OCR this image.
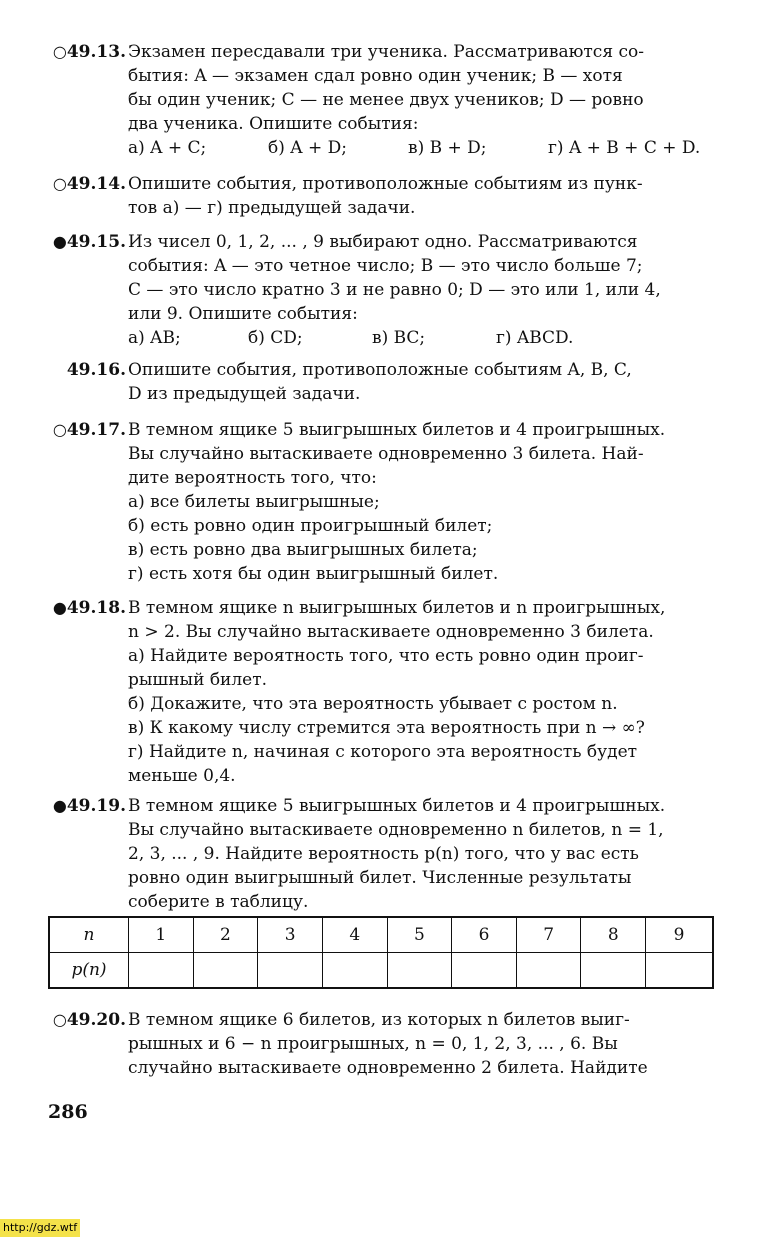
○49.13. Экзамен пересдавали три ученика. Рассматриваются со-
бытия: A — экзамен сдал ровно один ученик; B — хотя
бы один ученик; C — не менее двух учеников; D — ровно
два ученика. Опишите события:
а) A + C;	б) A + D;	в) B + D;	г) A + B + C + D.
○49.14. Опишите события, противоположные событиям из пунк-
тов а) — г) предыдущей задачи.
●49.15. Из чисел 0, 1, 2, ... , 9 выбирают одно. Рассматриваются
события: A — это четное число; B — это число больше 7;
C — это число кратно 3 и не равно 0; D — это или 1, или 4,
или 9. Опишите события:
а) AB;	б) CD;	в) BC;	г) ABCD.
49.16. Опишите события, противоположные событиям A, B, C,
D из предыдущей задачи.
○49.17. В темном ящике 5 выигрышных билетов и 4 проигрышных.
Вы случайно вытаскиваете одновременно 3 билета. Най-
дите вероятность того, что:
а) все билеты выигрышные;
б) есть ровно один проигрышный билет;
в) есть ровно два выигрышных билета;
г) есть хотя бы один выигрышный билет.
●49.18. В темном ящике n выигрышных билетов и n проигрышных,
n > 2. Вы случайно вытаскиваете одновременно 3 билета.
а) Найдите вероятность того, что есть ровно один проиг-
рышный билет.
б) Докажите, что эта вероятность убывает с ростом n.
в) К какому числу стремится эта вероятность при n → ∞?
г) Найдите n, начиная с которого эта вероятность будет
меньше 0,4.
●49.19. В темном ящике 5 выигрышных билетов и 4 проигрышных.
Вы случайно вытаскиваете одновременно n билетов, n = 1,
2, 3, ... , 9. Найдите вероятность p(n) того, что у вас есть
ровно один выигрышный билет. Численные результаты
соберите в таблицу.
n	1	2	3	4	5	6	7	8	9
p(n)									
○49.20. В темном ящике 6 билетов, из которых n билетов выиг-
рышных и 6 − n проигрышных, n = 0, 1, 2, 3, ... , 6. Вы
случайно вытаскиваете одновременно 2 билета. Найдите
286
http://gdz.wtf
